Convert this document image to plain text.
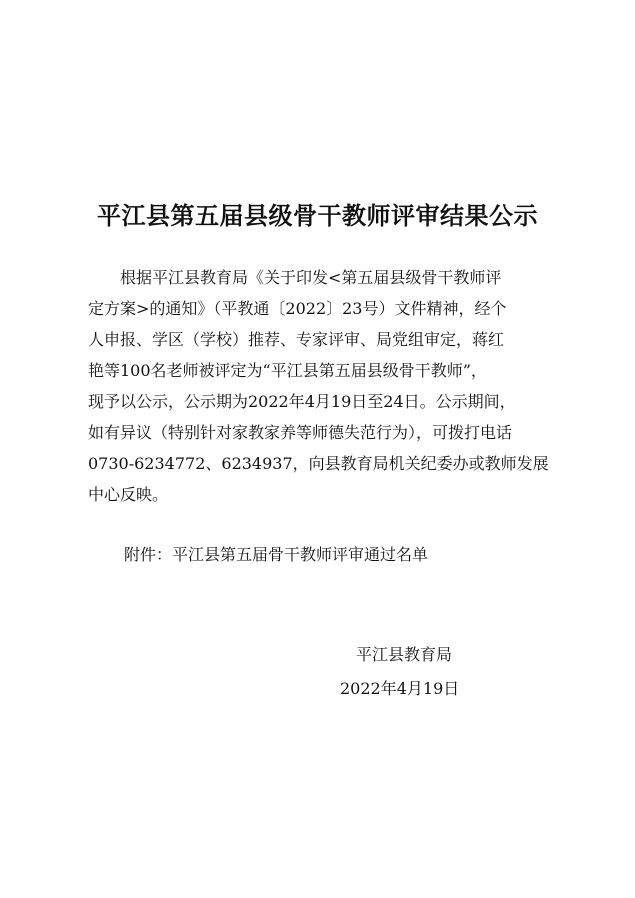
平江县第五届县级骨干教师评审结果公示
　　根据平江县教育局《关于印发<第五届县级骨干教师评
定方案>的通知》（平教通〔2022〕23号）文件精神，经个
人申报、学区（学校）推荐、专家评审、局党组审定，蒋红
艳等100名老师被评定为“平江县第五届县级骨干教师”，
现予以公示，公示期为2022年4月19日至24日。公示期间，
如有异议（特别针对家教家养等师德失范行为），可拨打电话
0730-6234772、6234937，向县教育局机关纪委办或教师发展
中心反映。
附件：平江县第五届骨干教师评审通过名单
平江县教育局
2022年4月19日
